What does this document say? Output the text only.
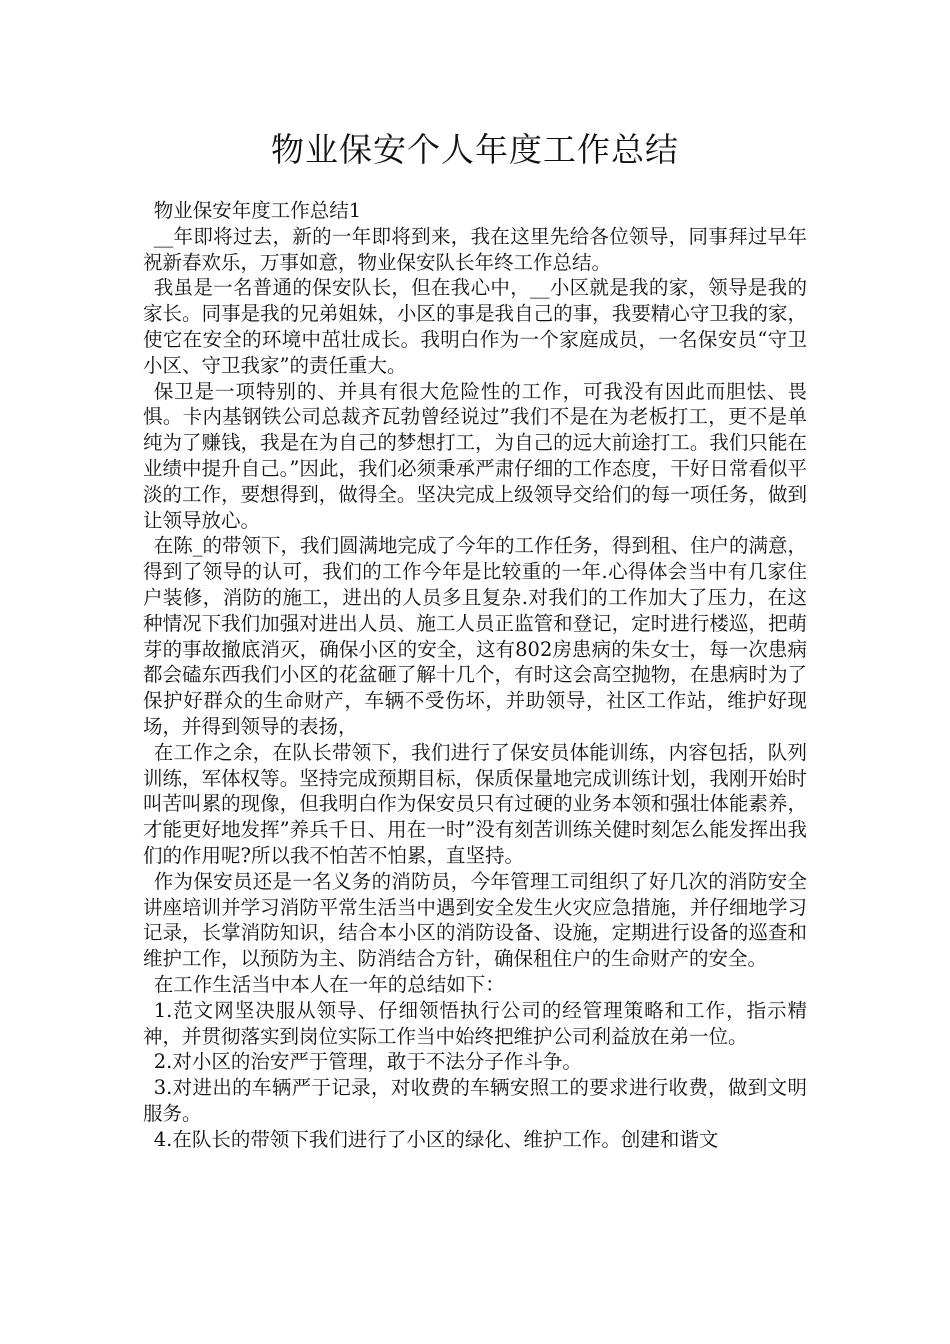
物业保安个人年度工作总结

物业保安年度工作总结1

__年即将过去，新的一年即将到来，我在这里先给各位领导，同事拜过早年祝新春欢乐，万事如意，物业保安队长年终工作总结。

我虽是一名普通的保安队长，但在我心中，__小区就是我的家，领导是我的家长。同事是我的兄弟姐妹，小区的事是我自己的事，我要精心守卫我的家，使它在安全的环境中茁壮成长。我明白作为一个家庭成员，一名保安员“守卫小区、守卫我家”的责任重大。

保卫是一项特别的、并具有很大危险性的工作，可我没有因此而胆怯、畏惧。卡内基钢铁公司总裁齐瓦勃曾经说过”我们不是在为老板打工，更不是单纯为了赚钱，我是在为自己的梦想打工，为自己的远大前途打工。我们只能在业绩中提升自己。”因此，我们必须秉承严肃仔细的工作态度，干好日常看似平淡的工作，要想得到，做得全。坚决完成上级领导交给们的每一项任务，做到让领导放心。

在陈_的带领下，我们圆满地完成了今年的工作任务，得到租、住户的满意，得到了领导的认可，我们的工作今年是比较重的一年.心得体会当中有几家住户装修，消防的施工，进出的人员多且复杂.对我们的工作加大了压力，在这种情况下我们加强对进出人员、施工人员正监管和登记，定时进行楼巡，把萌芽的事故撤底消灭，确保小区的安全，这有802房患病的朱女士，每一次患病都会磕东西我们小区的花盆砸了解十几个，有时这会高空抛物，在患病时为了保护好群众的生命财产，车辆不受伤坏，并助领导，社区工作站，维护好现场，并得到领导的表扬，

在工作之余，在队长带领下，我们进行了保安员体能训练，内容包括，队列训练，军体权等。坚持完成预期目标，保质保量地完成训练计划，我刚开始时叫苦叫累的现像，但我明白作为保安员只有过硬的业务本领和强壮体能素养，才能更好地发挥”养兵千日、用在一时”没有刻苦训练关健时刻怎么能发挥出我们的作用呢?所以我不怕苦不怕累，直坚持。

作为保安员还是一名义务的消防员，今年管理工司组织了好几次的消防安全讲座培训并学习消防平常生活当中遇到安全发生火灾应急措施，并仔细地学习记录，长掌消防知识，结合本小区的消防设备、设施，定期进行设备的巡查和维护工作，以预防为主、防消结合方针，确保租住户的生命财产的安全。

在工作生活当中本人在一年的总结如下：

1.范文网坚决服从领导、仔细领悟执行公司的经管理策略和工作，指示精神，并贯彻落实到岗位实际工作当中始终把维护公司利益放在弟一位。

2.对小区的治安严于管理，敢于不法分子作斗争。

3.对进出的车辆严于记录，对收费的车辆安照工的要求进行收费，做到文明服务。

4.在队长的带领下我们进行了小区的绿化、维护工作。创建和谐文
